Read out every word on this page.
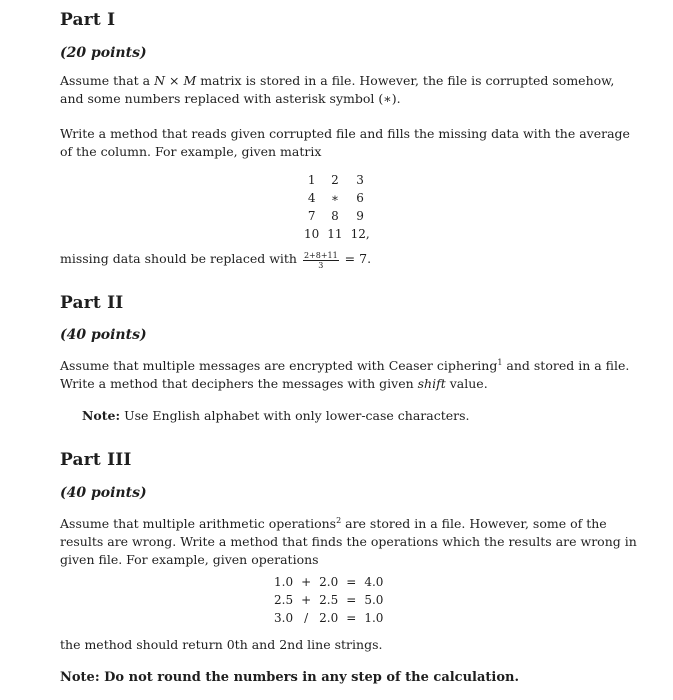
Part I
(20 points)
Assume that a N × M matrix is stored in a file. However, the file is corrupted somehow,
and some numbers replaced with asterisk symbol (∗).
Write a method that reads given corrupted file and fills the missing data with the average
of the column. For example, given matrix
1	2	3
4	∗	6
7	8	9
10	11	12,
missing data should be replaced with $\frac{2+8+11}{3} = 7$.
Part II
(40 points)
Assume that multiple messages are encrypted with Ceaser ciphering$^1$ and stored in a file.
Write a method that deciphers the messages with given shift value.
Note: Use English alphabet with only lower-case characters.
Part III
(40 points)
Assume that multiple arithmetic operations$^2$ are stored in a file. However, some of the
results are wrong. Write a method that finds the operations which the results are wrong in
given file. For example, given operations
1.0	+	2.0	=	4.0
2.5	+	2.5	=	5.0
3.0	/	2.0	=	1.0
the method should return 0th and 2nd line strings.
Note: Do not round the numbers in any step of the calculation.
